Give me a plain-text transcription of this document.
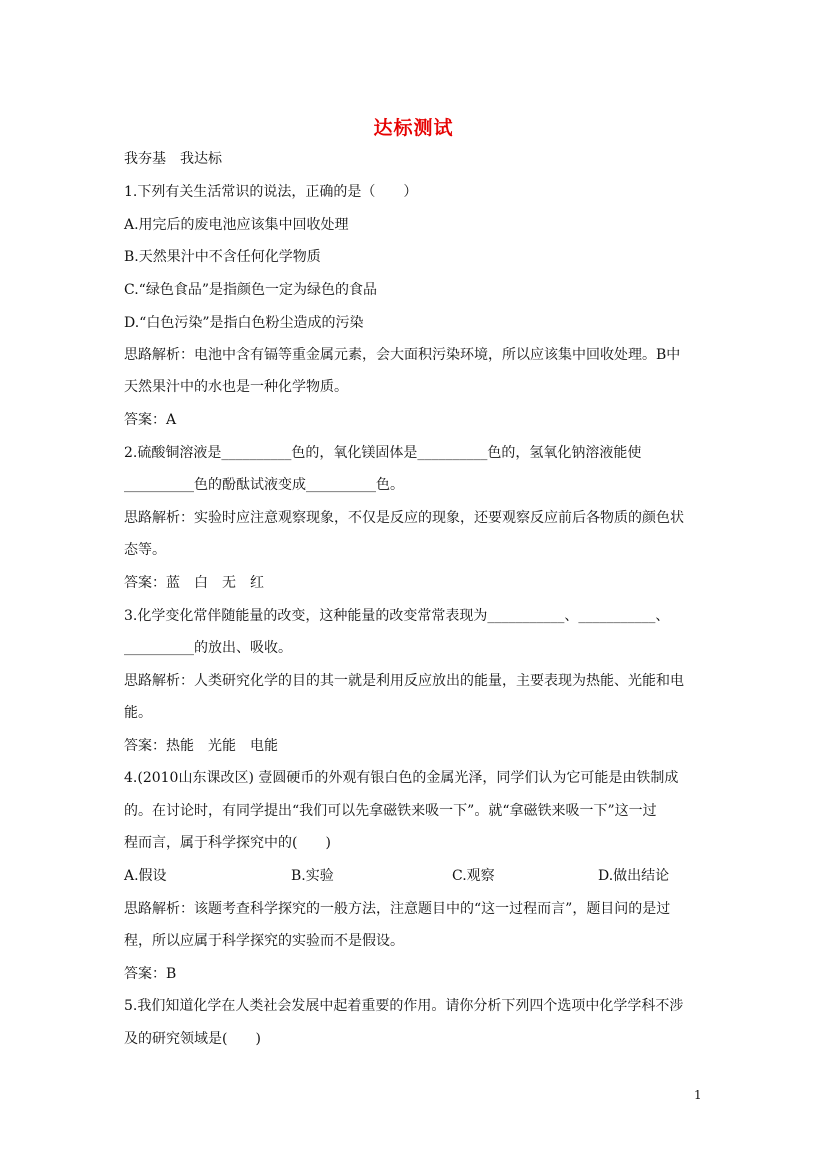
达标测试
我夯基　我达标
1.下列有关生活常识的说法，正确的是（　　）
A.用完后的废电池应该集中回收处理
B.天然果汁中不含任何化学物质
C.“绿色食品”是指颜色一定为绿色的食品
D.“白色污染”是指白色粉尘造成的污染
思路解析：电池中含有镉等重金属元素，会大面积污染环境，所以应该集中回收处理。B中
天然果汁中的水也是一种化学物质。
答案：A
2.硫酸铜溶液是__________色的，氧化镁固体是__________色的，氢氧化钠溶液能使
__________色的酚酞试液变成__________色。
思路解析：实验时应注意观察现象，不仅是反应的现象，还要观察反应前后各物质的颜色状
态等。
答案：蓝　白　无　红
3.化学变化常伴随能量的改变，这种能量的改变常常表现为___________、___________、
__________的放出、吸收。
思路解析：人类研究化学的目的其一就是利用反应放出的能量，主要表现为热能、光能和电
能。
答案：热能　光能　电能
4.(2010山东课改区) 壹圆硬币的外观有银白色的金属光泽，同学们认为它可能是由铁制成
的。在讨论时，有同学提出“我们可以先拿磁铁来吸一下”。就“拿磁铁来吸一下”这一过
程而言，属于科学探究中的(　　)
A.假设	B.实验	C.观察	D.做出结论
思路解析：该题考查科学探究的一般方法，注意题目中的“这一过程而言”，题目问的是过
程，所以应属于科学探究的实验而不是假设。
答案：B
5.我们知道化学在人类社会发展中起着重要的作用。请你分析下列四个选项中化学学科不涉
及的研究领域是(　　)
1
